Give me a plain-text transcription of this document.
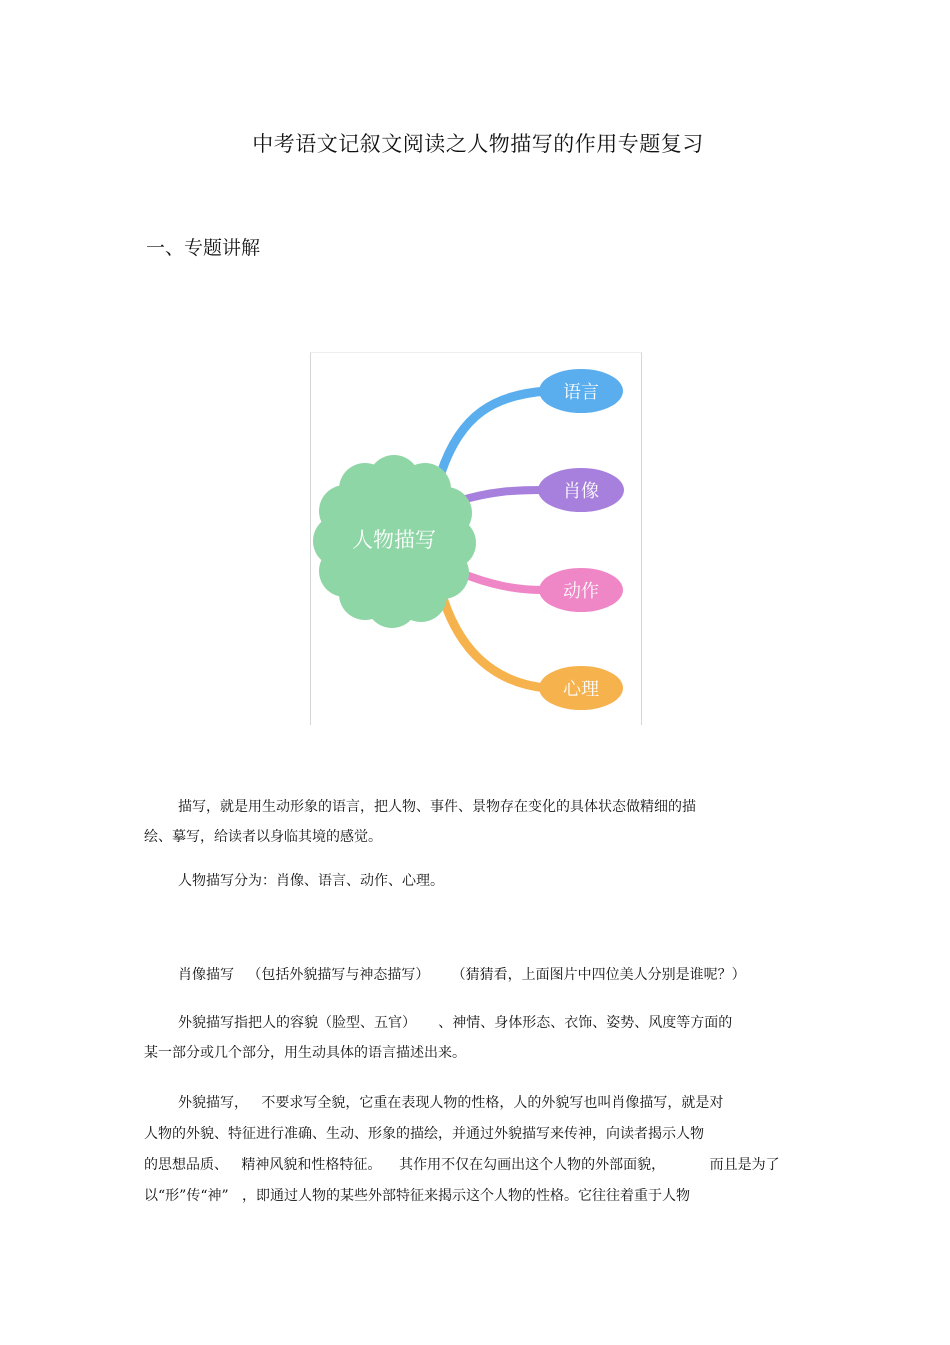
中考语文记叙文阅读之人物描写的作用专题复习
一、专题讲解
人物描写
语言
肖像
动作
心理

描写，就是用生动形象的语言，把人物、事件、景物存在变化的具体状态做精细的描

绘、摹写，给读者以身临其境的感觉。

人物描写分为：肖像、语言、动作、心理。

肖像描写   （包括外貌描写与神态描写）     （猜猜看，上面图片中四位美人分别是谁呢？）

外貌描写指把人的容貌（脸型、五官）     、神情、身体形态、衣饰、姿势、风度等方面的

某一部分或几个部分，用生动具体的语言描述出来。

外貌描写，   不要求写全貌，它重在表现人物的性格，人的外貌写也叫肖像描写，就是对

人物的外貌、特征进行准确、生动、形象的描绘，并通过外貌描写来传神，向读者揭示人物

的思想品质、   精神风貌和性格特征。    其作用不仅在勾画出这个人物的外部面貌，          而且是为了

以“形”传“神”   ，即通过人物的某些外部特征来揭示这个人物的性格。它往往着重于人物
